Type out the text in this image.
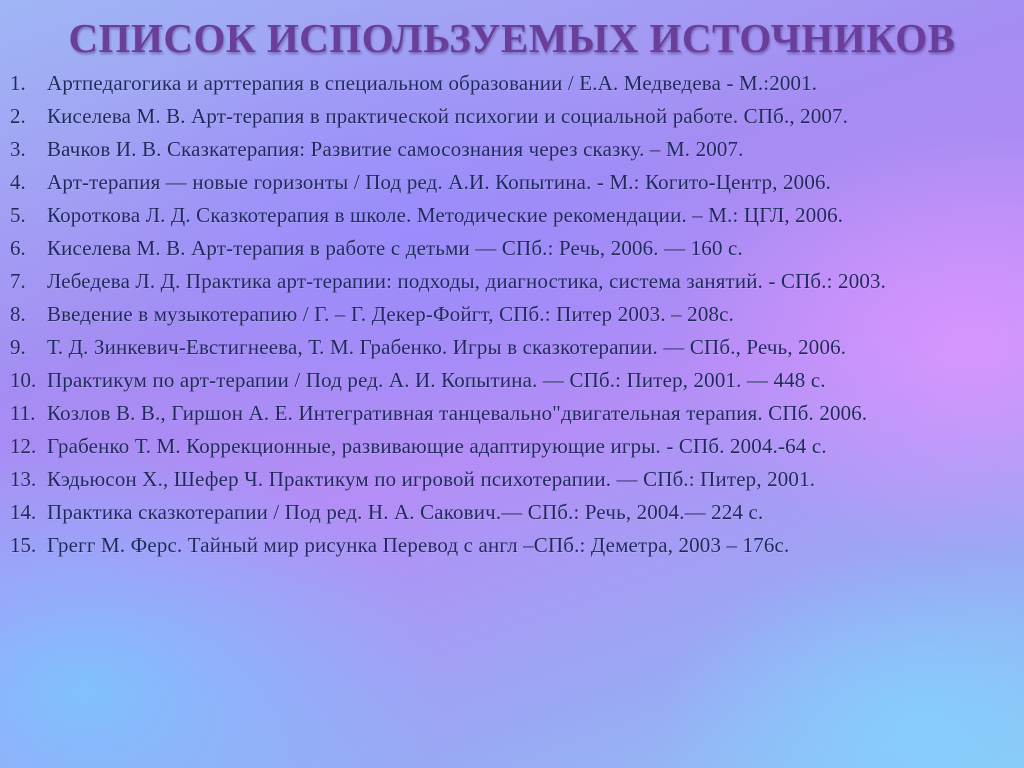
СПИСОК ИСПОЛЬЗУЕМЫХ ИСТОЧНИКОВ
1.	Артпедагогика и арттерапия в специальном образовании / Е.А. Медведева - М.:2001.
2.	Киселева М. В. Арт-терапия в практической психогии и социальной работе. СПб., 2007.
3.	Вачков И. В. Сказкатерапия: Развитие самосознания через сказку. – М. 2007.
4.	Арт-терапия — новые горизонты / Под ред. А.И. Копытина. - М.: Когито-Центр, 2006.
5.	Короткова Л. Д. Сказкотерапия в школе. Методические рекомендации. – М.: ЦГЛ, 2006.
6.	Киселева М. В. Арт-терапия в работе с детьми — СПб.: Речь, 2006. — 160 с.
7.	Лебедева Л. Д. Практика арт-терапии: подходы, диагностика, система занятий. - СПб.: 2003.
8.	Введение в музыкотерапию / Г. – Г. Декер-Фойгт, СПб.: Питер 2003. – 208с.
9.	Т. Д. Зинкевич-Евстигнеева, Т. М. Грабенко. Игры в сказкотерапии. — СПб., Речь, 2006.
10. Практикум по арт-терапии / Под ред. А. И. Копытина. — СПб.: Питер, 2001. — 448 с.
11. Козлов В. В., Гиршон А. Е. Интегративная танцевально"двигательная терапия. СПб. 2006.
12. Грабенко Т. М. Коррекционные, развивающие адаптирующие игры. - СПб. 2004.-64 с.
13. Кэдьюсон Х., Шефер Ч. Практикум по игровой психотерапии. — СПб.: Питер, 2001.
14. Практика сказкотерапии / Под ред. Н. А. Сакович.— СПб.: Речь, 2004.— 224 с.
15. Грегг М. Ферс. Тайный мир рисунка Перевод с англ –СПб.: Деметра, 2003 – 176с.
